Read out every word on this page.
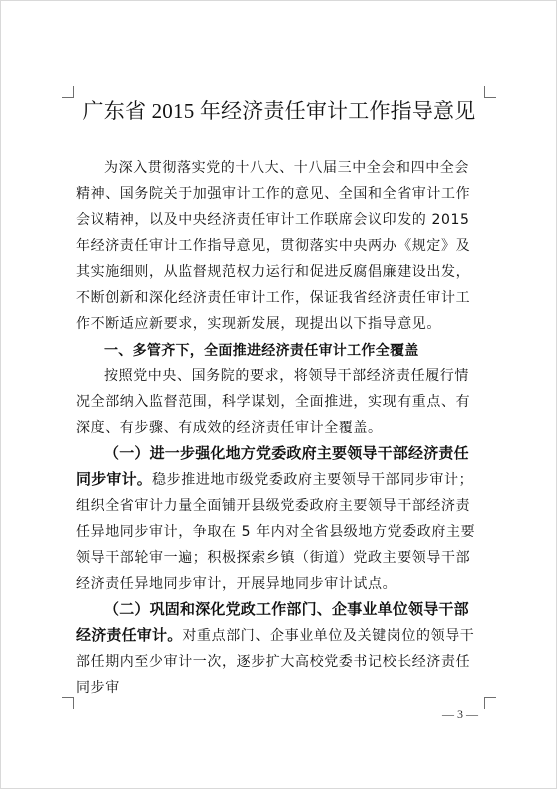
广东省 2015 年经济责任审计工作指导意见

为深入贯彻落实党的十八大、十八届三中全会和四中全会精神、国务院关于加强审计工作的意见、全国和全省审计工作会议精神，以及中央经济责任审计工作联席会议印发的 2015 年经济责任审计工作指导意见，贯彻落实中央两办《规定》及其实施细则，从监督规范权力运行和促进反腐倡廉建设出发，不断创新和深化经济责任审计工作，保证我省经济责任审计工作不断适应新要求，实现新发展，现提出以下指导意见。

一、多管齐下，全面推进经济责任审计工作全覆盖

按照党中央、国务院的要求，将领导干部经济责任履行情况全部纳入监督范围，科学谋划，全面推进，实现有重点、有深度、有步骤、有成效的经济责任审计全覆盖。

（一）进一步强化地方党委政府主要领导干部经济责任同步审计。稳步推进地市级党委政府主要领导干部同步审计；组织全省审计力量全面铺开县级党委政府主要领导干部经济责任异地同步审计，争取在 5 年内对全省县级地方党委政府主要领导干部轮审一遍；积极探索乡镇（街道）党政主要领导干部经济责任异地同步审计，开展异地同步审计试点。

（二）巩固和深化党政工作部门、企事业单位领导干部经济责任审计。对重点部门、企事业单位及关键岗位的领导干部任期内至少审计一次，逐步扩大高校党委书记校长经济责任同步审

— 3 —
